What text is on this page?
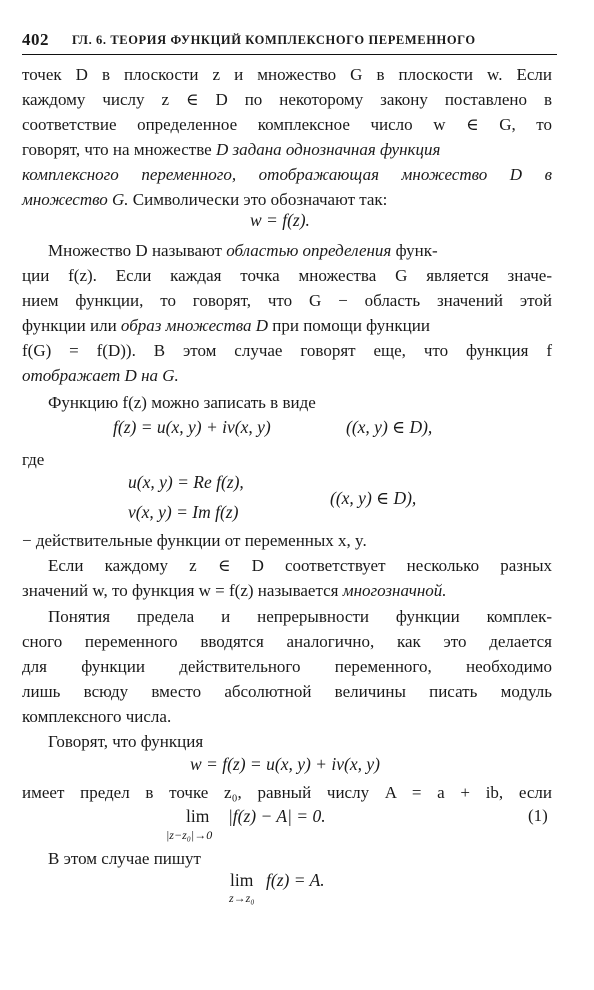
402 ГЛ. 6. ТЕОРИЯ ФУНКЦИЙ КОМПЛЕКСНОГО ПЕРЕМЕННОГО
точек D в плоскости z и множество G в плоскости w. Если
каждому числу z ∈ D по некоторому закону поставлено в
соответствие определенное комплексное число w ∈ G, то
говорят, что на множестве D задана однозначная функция
комплексного переменного, отображающая множество D в
множество G. Символически это обозначают так:
w = f(z).
Множество D называют областью определения функ-
ции f(z). Если каждая точка множества G является значе-
нием функции, то говорят, что G − область значений этой
функции или образ множества D при помощи функции
f(G) = f(D)). В этом случае говорят еще, что функция f
отображает D на G.
Функцию f(z) можно записать в виде
f(z) = u(x, y) + iv(x, y)	((x, y) ∈ D),
где
u(x, y) = Re f(z),
v(x, y) = Im f(z)
((x, y) ∈ D),
− действительные функции от переменных x, y.
Если каждому z ∈ D соответствует несколько разных
значений w, то функция w = f(z) называется многозначной.
Понятия предела и непрерывности функции комплек-
сного переменного вводятся аналогично, как это делается
для функции действительного переменного, необходимо
лишь всюду вместо абсолютной величины писать модуль
комплексного числа.
Говорят, что функция
w = f(z) = u(x, y) + iv(x, y)
имеет предел в точке z₀, равный числу A = a + ib, если
lim
|z−z₀|→0
|f(z) − A| = 0.	(1)
В этом случае пишут
lim
z→z₀
f(z) = A.
